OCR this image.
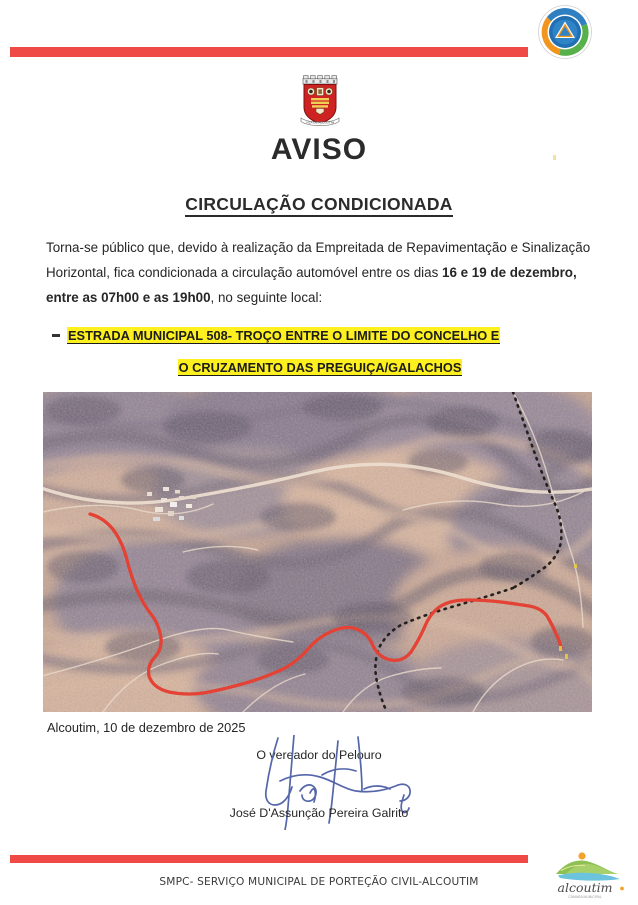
VILA DE ALCOUTIM
AVISO
CIRCULAÇÃO CONDICIONADA
Torna-se público que, devido à realização da Empreitada de Repavimentação e Sinalização Horizontal, fica condicionada a circulação automóvel entre os dias 16 e 19 de dezembro, entre as 07h00 e as 19h00, no seguinte local:
ESTRADA MUNICIPAL 508- TROÇO ENTRE O LIMITE DO CONCELHO E
O CRUZAMENTO DAS PREGUIÇA/GALACHOS
Alcoutim, 10 de dezembro de 2025
O vereador do Pelouro
José D'Assunção Pereira Galrito
SMPC- SERVIÇO MUNICIPAL DE PORTEÇÃO CIVIL-ALCOUTIM	alcoutim
CÂMARA MUNICIPAL
